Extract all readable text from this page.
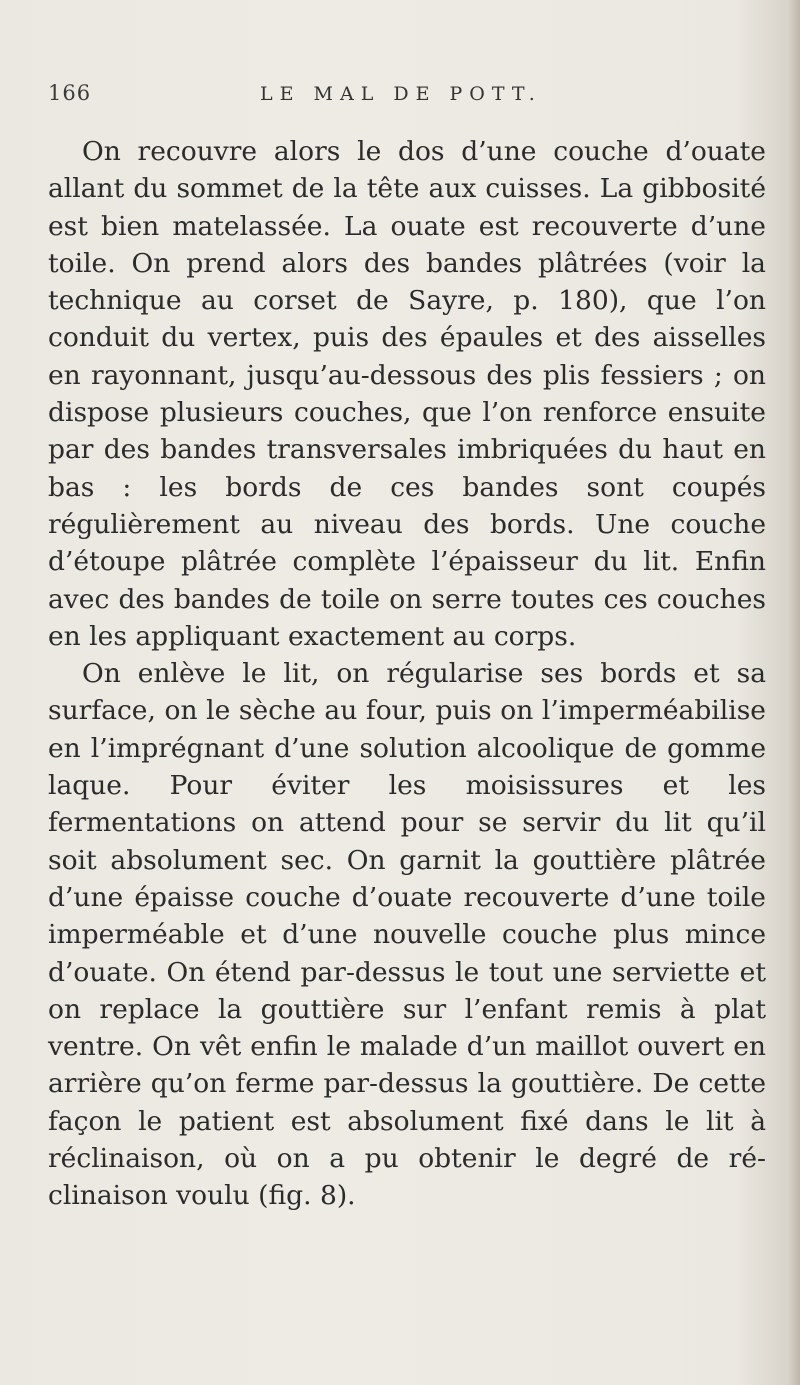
166	LE MAL DE POTT.

On recouvre alors le dos d’une couche d’ouate allant du sommet de la tête aux cuisses. La gibbosité est bien matelassée. La ouate est recouverte d’une toile. On prend alors des bandes plâtrées (voir la technique au corset de Sayre, p. 180), que l’on conduit du vertex, puis des épaules et des aisselles en rayonnant, jusqu’au-dessous des plis fessiers ; on dispose plusieurs couches, que l’on renforce ensuite par des bandes transversales imbriquées du haut en bas : les bords de ces bandes sont coupés régulièrement au niveau des bords. Une couche d’étoupe plâtrée complète l’épaisseur du lit. Enfin avec des bandes de toile on serre toutes ces couches en les appliquant exactement au corps.

On enlève le lit, on régularise ses bords et sa surface, on le sèche au four, puis on l’imperméabilise en l’imprégnant d’une solution alcoolique de gomme laque. Pour éviter les moisissures et les fermentations on attend pour se servir du lit qu’il soit absolument sec. On garnit la gouttière plâtrée d’une épaisse couche d’ouate recouverte d’une toile imperméable et d’une nouvelle couche plus mince d’ouate. On étend par-dessus le tout une serviette et on replace la gouttière sur l’enfant remis à plat ventre. On vêt enfin le malade d’un maillot ouvert en arrière qu’on ferme par-dessus la gouttière. De cette façon le patient est absolument fixé dans le lit à réclinaison, où on a pu obtenir le degré de réclinaison voulu (fig. 8).
